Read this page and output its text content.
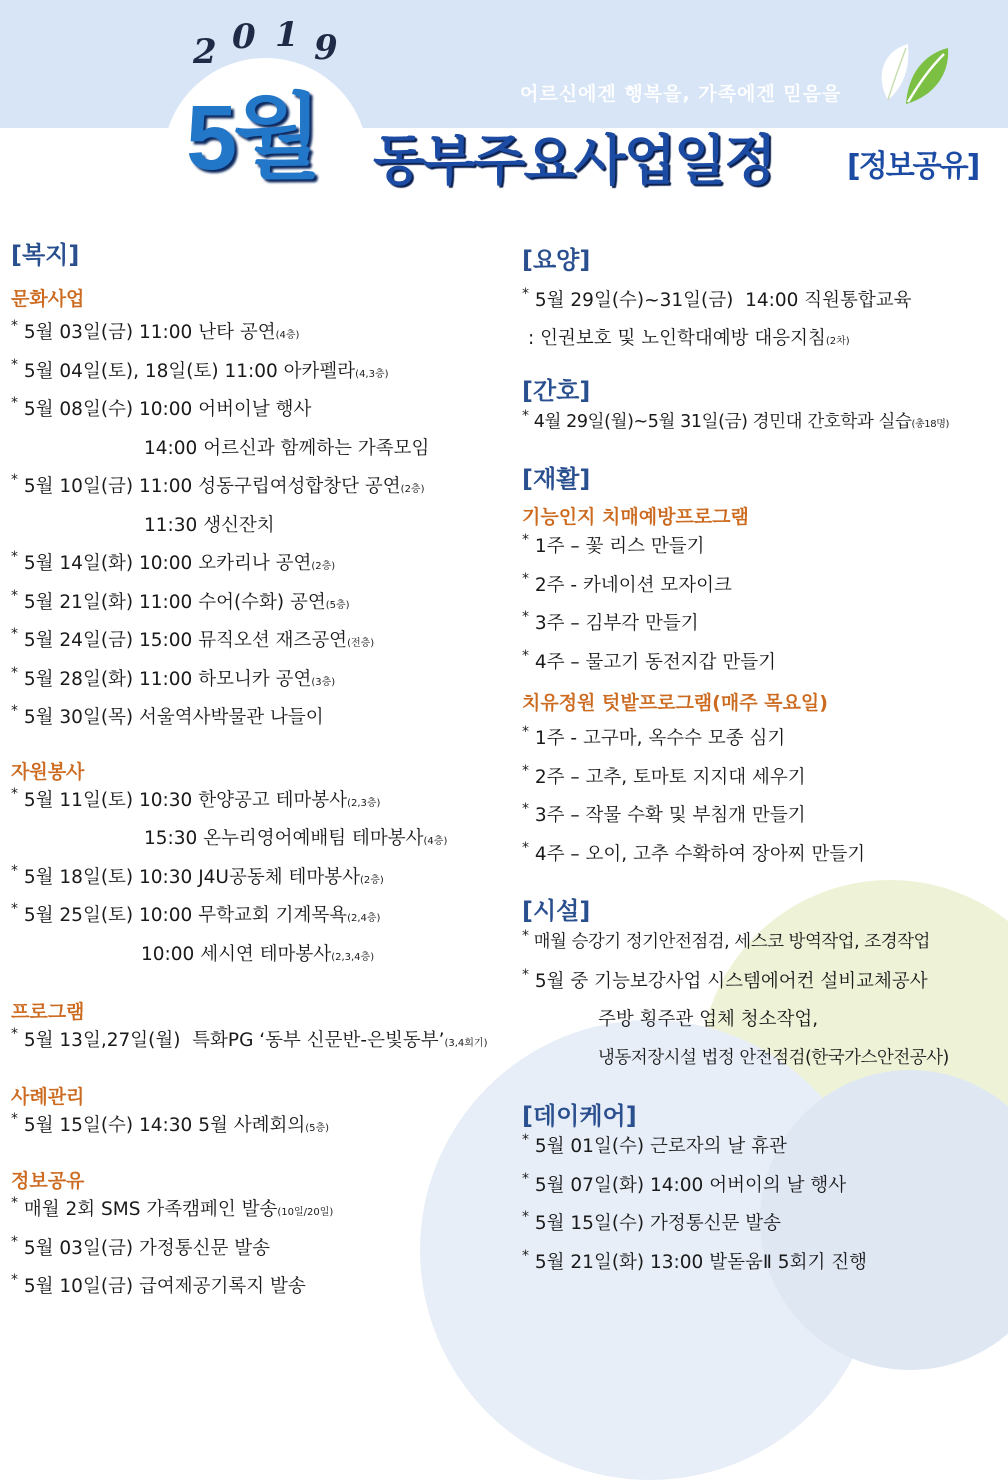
2 0 1 9
어르신에겐 행복을, 가족에겐 믿음을
5월 동부주요사업일정 [정보공유]

[복지]

문화사업

* 5월 03일(금) 11:00 난타 공연(4층)

* 5월 04일(토), 18일(토) 11:00 아카펠라(4,3층)

* 5월 08일(수) 10:00 어버이날 행사

14:00 어르신과 함께하는 가족모임

* 5월 10일(금) 11:00 성동구립여성합창단 공연(2층)

11:30 생신잔치

* 5월 14일(화) 10:00 오카리나 공연(2층)

* 5월 21일(화) 11:00 수어(수화) 공연(5층)

* 5월 24일(금) 15:00 뮤직오션 재즈공연(전층)

* 5월 28일(화) 11:00 하모니카 공연(3층)

* 5월 30일(목) 서울역사박물관 나들이

자원봉사

* 5월 11일(토) 10:30 한양공고 테마봉사(2,3층)

15:30 온누리영어예배팀 테마봉사(4층)

* 5월 18일(토) 10:30 J4U공동체 테마봉사(2층)

* 5월 25일(토) 10:00 무학교회 기계목욕(2,4층)

10:00 세시연 테마봉사(2,3,4층)

프로그램

* 5월 13일,27일(월)  특화PG ‘동부 신문반-은빛동부’(3,4회기)

사례관리

* 5월 15일(수) 14:30 5월 사례회의(5층)

정보공유

* 매월 2회 SMS 가족캠페인 발송(10일/20일)

* 5월 03일(금) 가정통신문 발송

* 5월 10일(금) 급여제공기록지 발송

[요양]

* 5월 29일(수)~31일(금)  14:00 직원통합교육

: 인권보호 및 노인학대예방 대응지침(2차)

[간호]

* 4월 29일(월)~5월 31일(금) 경민대 간호학과 실습(총18명)

[재활]

기능인지 치매예방프로그램

* 1주 – 꽃 리스 만들기

* 2주 - 카네이션 모자이크

* 3주 – 김부각 만들기

* 4주 – 물고기 동전지갑 만들기

치유정원 텃밭프로그램(매주 목요일)

* 1주 - 고구마, 옥수수 모종 심기

* 2주 – 고추, 토마토 지지대 세우기

* 3주 – 작물 수확 및 부침개 만들기

* 4주 – 오이, 고추 수확하여 장아찌 만들기

[시설]

* 매월 승강기 정기안전점검, 세스코 방역작업, 조경작업

* 5월 중 기능보강사업 시스템에어컨 설비교체공사

주방 횡주관 업체 청소작업,

냉동저장시설 법정 안전점검(한국가스안전공사)

[데이케어]

* 5월 01일(수) 근로자의 날 휴관

* 5월 07일(화) 14:00 어버이의 날 행사

* 5월 15일(수) 가정통신문 발송

* 5월 21일(화) 13:00 발돋움Ⅱ 5회기 진행
